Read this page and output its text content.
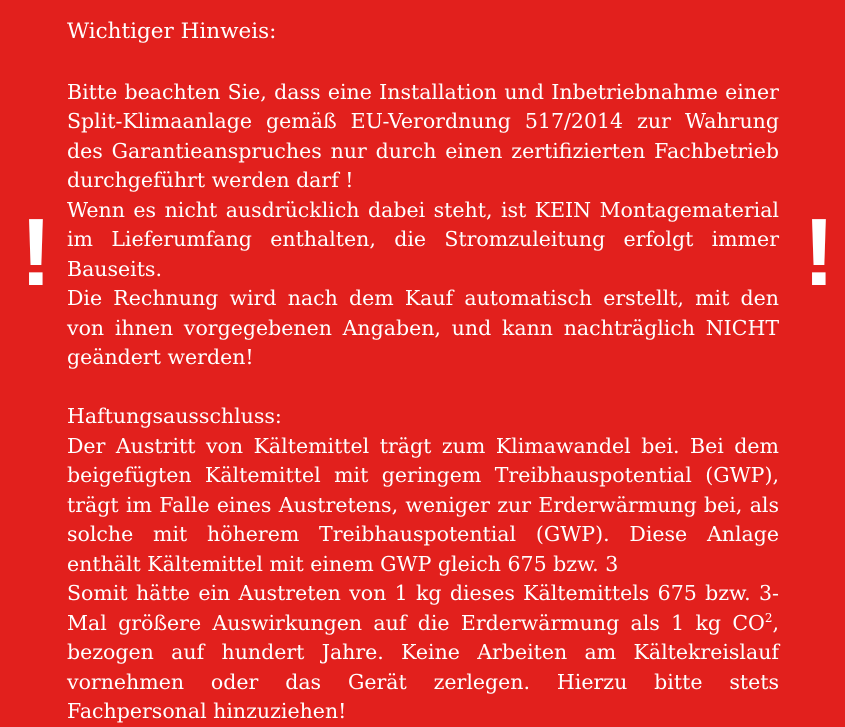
!	!
Wichtiger Hinweis:

Bitte beachten Sie, dass eine Installation und Inbetriebnahme einer Split-Klimaanlage gemäß EU-Verordnung 517/2014 zur Wahrung des Garantieanspruches nur durch einen zertifizierten Fachbetrieb durchgeführt werden darf !

Wenn es nicht ausdrücklich dabei steht, ist KEIN Montagematerial im Lieferumfang enthalten, die Stromzuleitung erfolgt immer Bauseits.

Die Rechnung wird nach dem Kauf automatisch erstellt, mit den von ihnen vorgegebenen Angaben, und kann nachträglich NICHT geändert werden!

Haftungsausschluss:

Der Austritt von Kältemittel trägt zum Klimawandel bei. Bei dem beigefügten Kältemittel mit geringem Treibhauspotential (GWP), trägt im Falle eines Austretens, weniger zur Erderwärmung bei, als solche mit höherem Treibhauspotential (GWP). Diese Anlage enthält Kältemittel mit einem GWP gleich 675 bzw. 3

Somit hätte ein Austreten von 1 kg dieses Kältemittels 675 bzw. 3-Mal größere Auswirkungen auf die Erderwärmung als 1 kg $CO^2$, bezogen auf hundert Jahre. Keine Arbeiten am Kältekreislauf vornehmen oder das Gerät zerlegen. Hierzu bitte stets Fachpersonal hinzuziehen!
